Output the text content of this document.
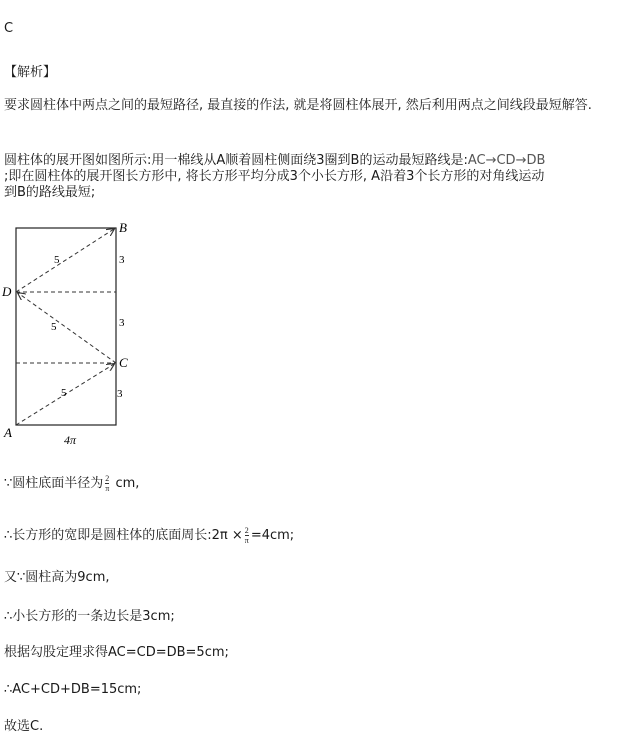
C
【解析】
要求圆柱体中两点之间的最短路径, 最直接的作法, 就是将圆柱体展开, 然后利用两点之间线段最短解答.
圆柱体的展开图如图所示:用一棉线从A顺着圆柱侧面绕3圈到B的运动最短路线是:AC→CD→DB
;即在圆柱体的展开图长方形中, 将长方形平均分成3个小长方形, A沿着3个长方形的对角线运动
到B的路线最短;
B
D
C
A
5
5
5
3
3
3
4π
∵圆柱底面半径为 $\frac{2}{\pi}$ cm,
∴长方形的宽即是圆柱体的底面周长:2π × $\frac{2}{\pi} =4cm$;
又∵圆柱高为9cm,
∴小长方形的一条边长是3cm;
根据勾股定理求得AC=CD=DB=5cm;
∴AC+CD+DB=15cm;
故选C.
